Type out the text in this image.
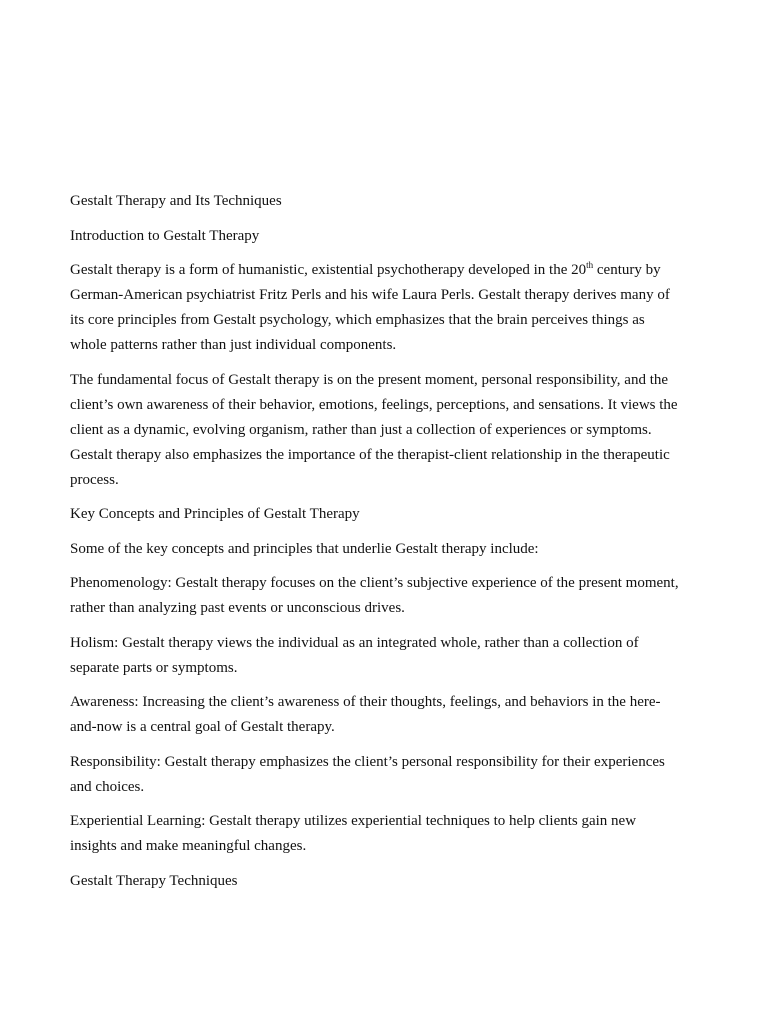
Gestalt Therapy and Its Techniques

Introduction to Gestalt Therapy

Gestalt therapy is a form of humanistic, existential psychotherapy developed in the 20th century by
German-American psychiatrist Fritz Perls and his wife Laura Perls. Gestalt therapy derives many of
its core principles from Gestalt psychology, which emphasizes that the brain perceives things as
whole patterns rather than just individual components.

The fundamental focus of Gestalt therapy is on the present moment, personal responsibility, and the
client’s own awareness of their behavior, emotions, feelings, perceptions, and sensations. It views the
client as a dynamic, evolving organism, rather than just a collection of experiences or symptoms.
Gestalt therapy also emphasizes the importance of the therapist-client relationship in the therapeutic
process.

Key Concepts and Principles of Gestalt Therapy

Some of the key concepts and principles that underlie Gestalt therapy include:

Phenomenology: Gestalt therapy focuses on the client’s subjective experience of the present moment,
rather than analyzing past events or unconscious drives.

Holism: Gestalt therapy views the individual as an integrated whole, rather than a collection of
separate parts or symptoms.

Awareness: Increasing the client’s awareness of their thoughts, feelings, and behaviors in the here-
and-now is a central goal of Gestalt therapy.

Responsibility: Gestalt therapy emphasizes the client’s personal responsibility for their experiences
and choices.

Experiential Learning: Gestalt therapy utilizes experiential techniques to help clients gain new
insights and make meaningful changes.

Gestalt Therapy Techniques
